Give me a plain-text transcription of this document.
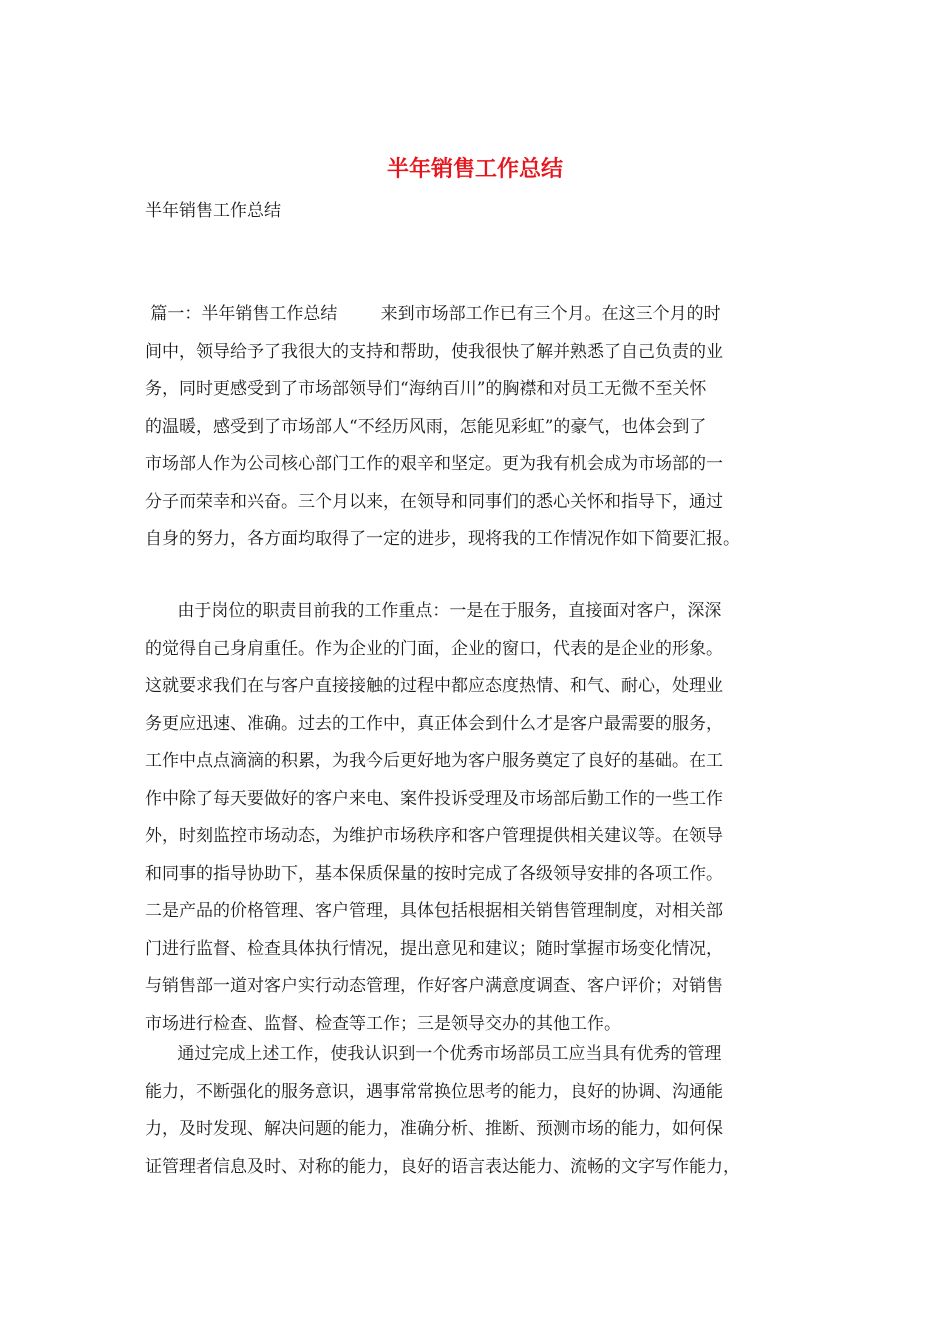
半年销售工作总结

半年销售工作总结

篇一：半年销售工作总结        来到市场部工作已有三个月。在这三个月的时
间中，领导给予了我很大的支持和帮助，使我很快了解并熟悉了自己负责的业
务，同时更感受到了市场部领导们“海纳百川”的胸襟和对员工无微不至关怀
的温暖，感受到了市场部人“不经历风雨，怎能见彩虹”的豪气，也体会到了
市场部人作为公司核心部门工作的艰辛和坚定。更为我有机会成为市场部的一
分子而荣幸和兴奋。三个月以来，在领导和同事们的悉心关怀和指导下，通过
自身的努力，各方面均取得了一定的进步，现将我的工作情况作如下简要汇报。
由于岗位的职责目前我的工作重点：一是在于服务，直接面对客户，深深
的觉得自己身肩重任。作为企业的门面，企业的窗口，代表的是企业的形象。
这就要求我们在与客户直接接触的过程中都应态度热情、和气、耐心，处理业
务更应迅速、准确。过去的工作中，真正体会到什么才是客户最需要的服务，
工作中点点滴滴的积累，为我今后更好地为客户服务奠定了良好的基础。在工
作中除了每天要做好的客户来电、案件投诉受理及市场部后勤工作的一些工作
外，时刻监控市场动态，为维护市场秩序和客户管理提供相关建议等。在领导
和同事的指导协助下，基本保质保量的按时完成了各级领导安排的各项工作。
二是产品的价格管理、客户管理，具体包括根据相关销售管理制度，对相关部
门进行监督、检查具体执行情况，提出意见和建议；随时掌握市场变化情况，
与销售部一道对客户实行动态管理，作好客户满意度调查、客户评价；对销售
市场进行检查、监督、检查等工作；三是领导交办的其他工作。
通过完成上述工作，使我认识到一个优秀市场部员工应当具有优秀的管理
能力，不断强化的服务意识，遇事常常换位思考的能力，良好的协调、沟通能
力，及时发现、解决问题的能力，准确分析、推断、预测市场的能力，如何保
证管理者信息及时、对称的能力，良好的语言表达能力、流畅的文字写作能力，
